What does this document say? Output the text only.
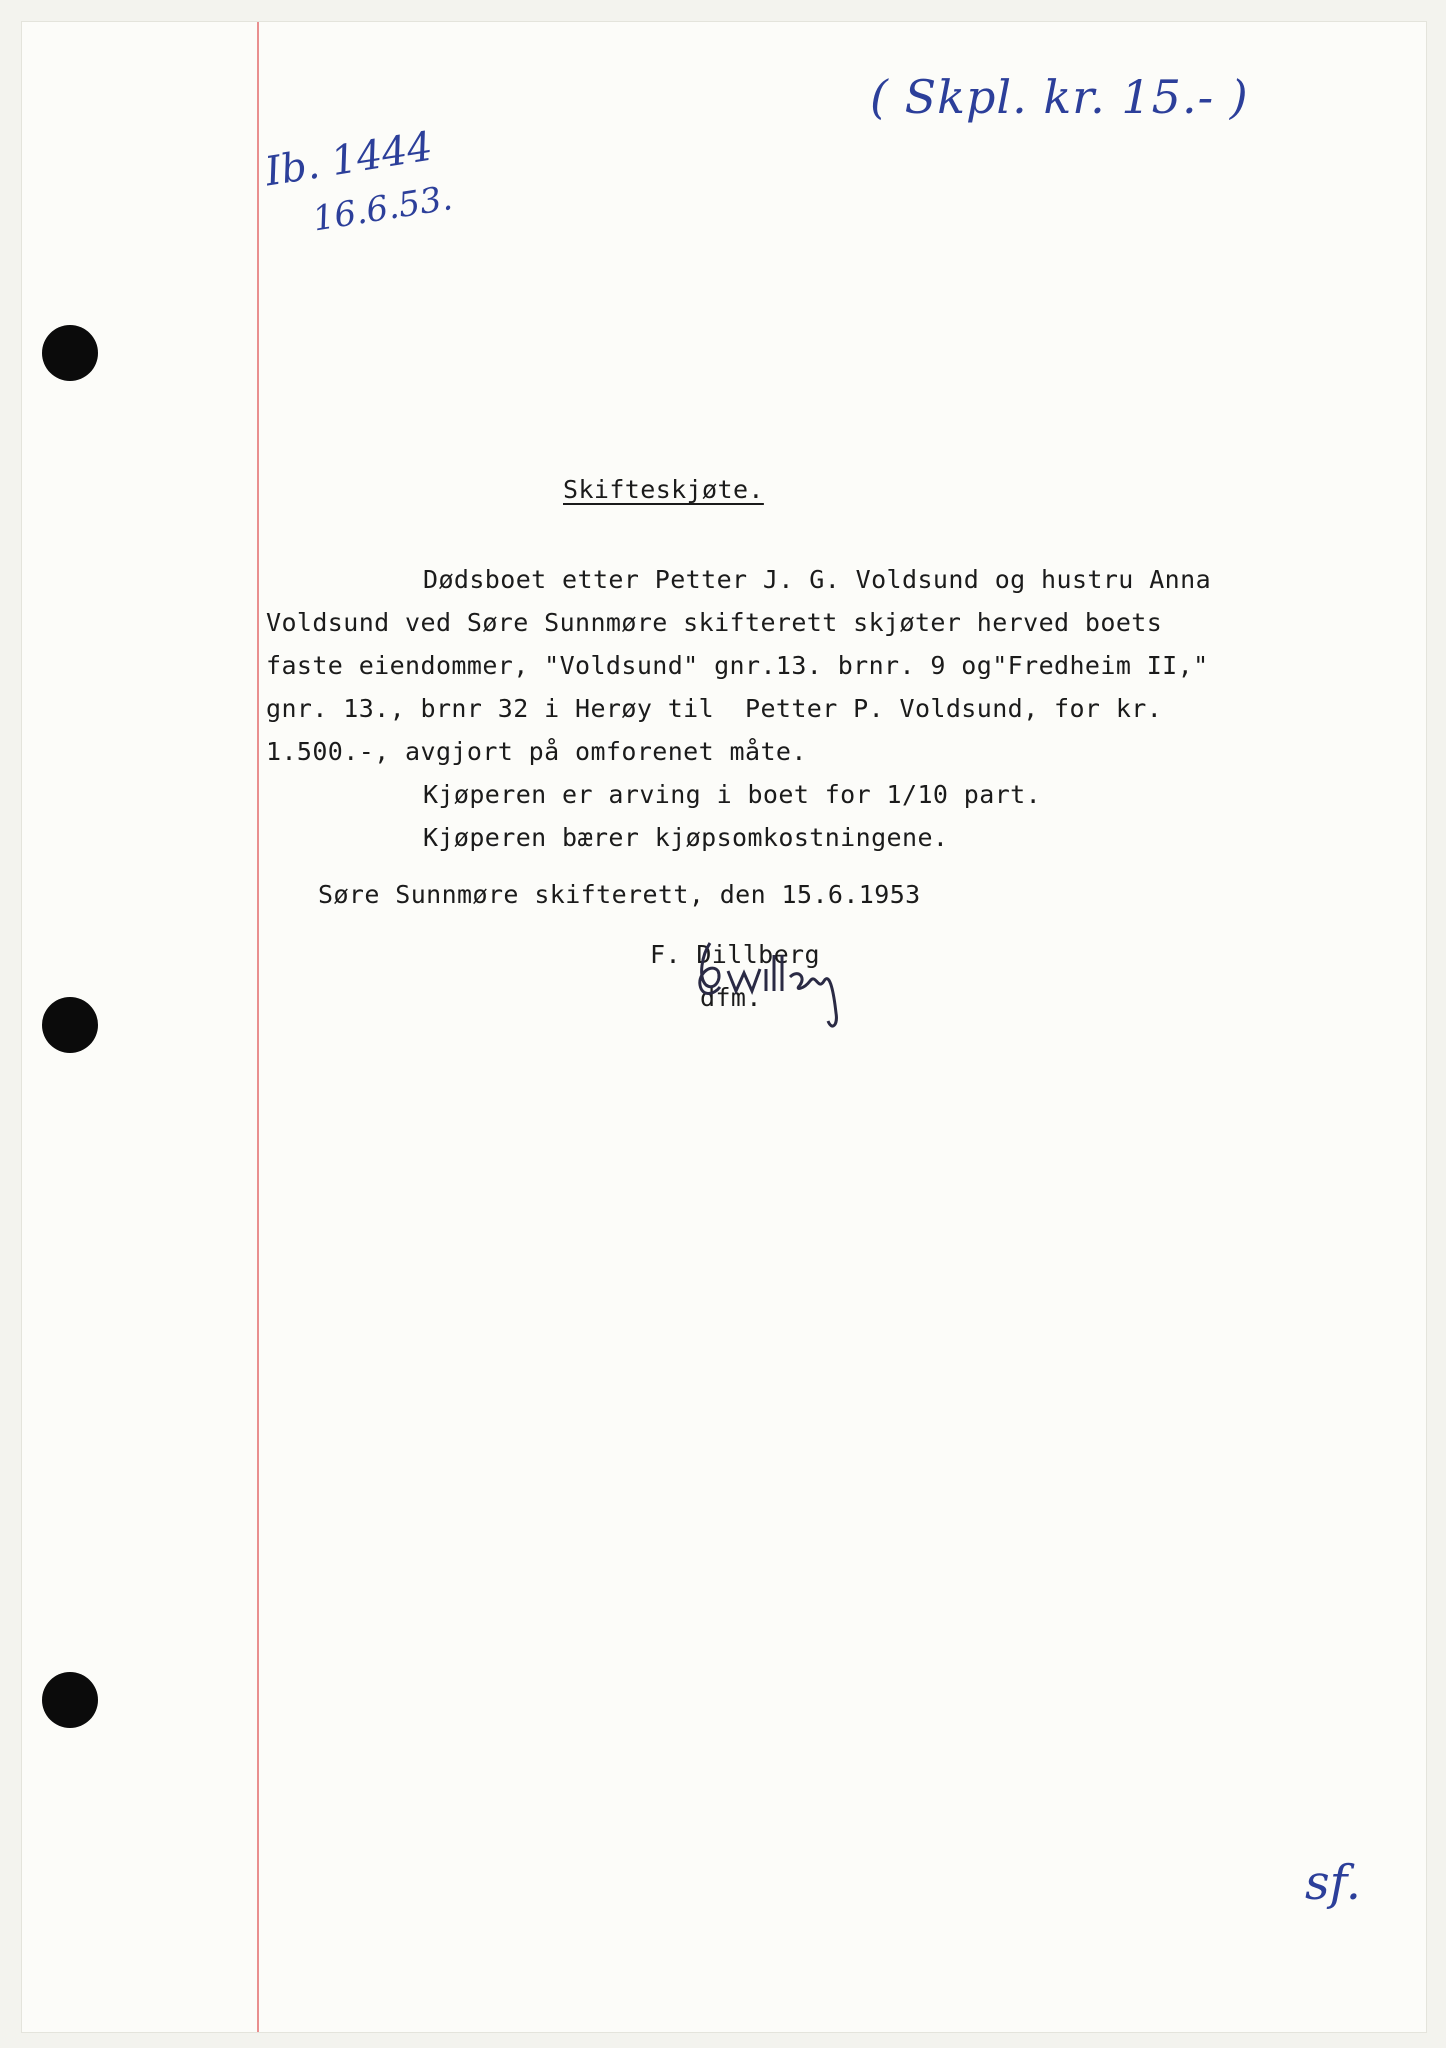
Ib. 1444
16.6.53.
( Skpl. kr. 15.- )
Skifteskjøte.
Dødsboet etter Petter J. G. Voldsund og hustru Anna
Voldsund ved Søre Sunnmøre skifterett skjøter herved boets
faste eiendommer, "Voldsund" gnr.13. brnr. 9 og"Fredheim II,"
gnr. 13., brnr 32 i Herøy til  Petter P. Voldsund, for kr.
1.500.-, avgjort på omforenet måte.
Kjøperen er arving i boet for 1/10 part.
Kjøperen bærer kjøpsomkostningene.
Søre Sunnmøre skifterett, den 15.6.1953
F. Dillberg
dfm.
sf.
